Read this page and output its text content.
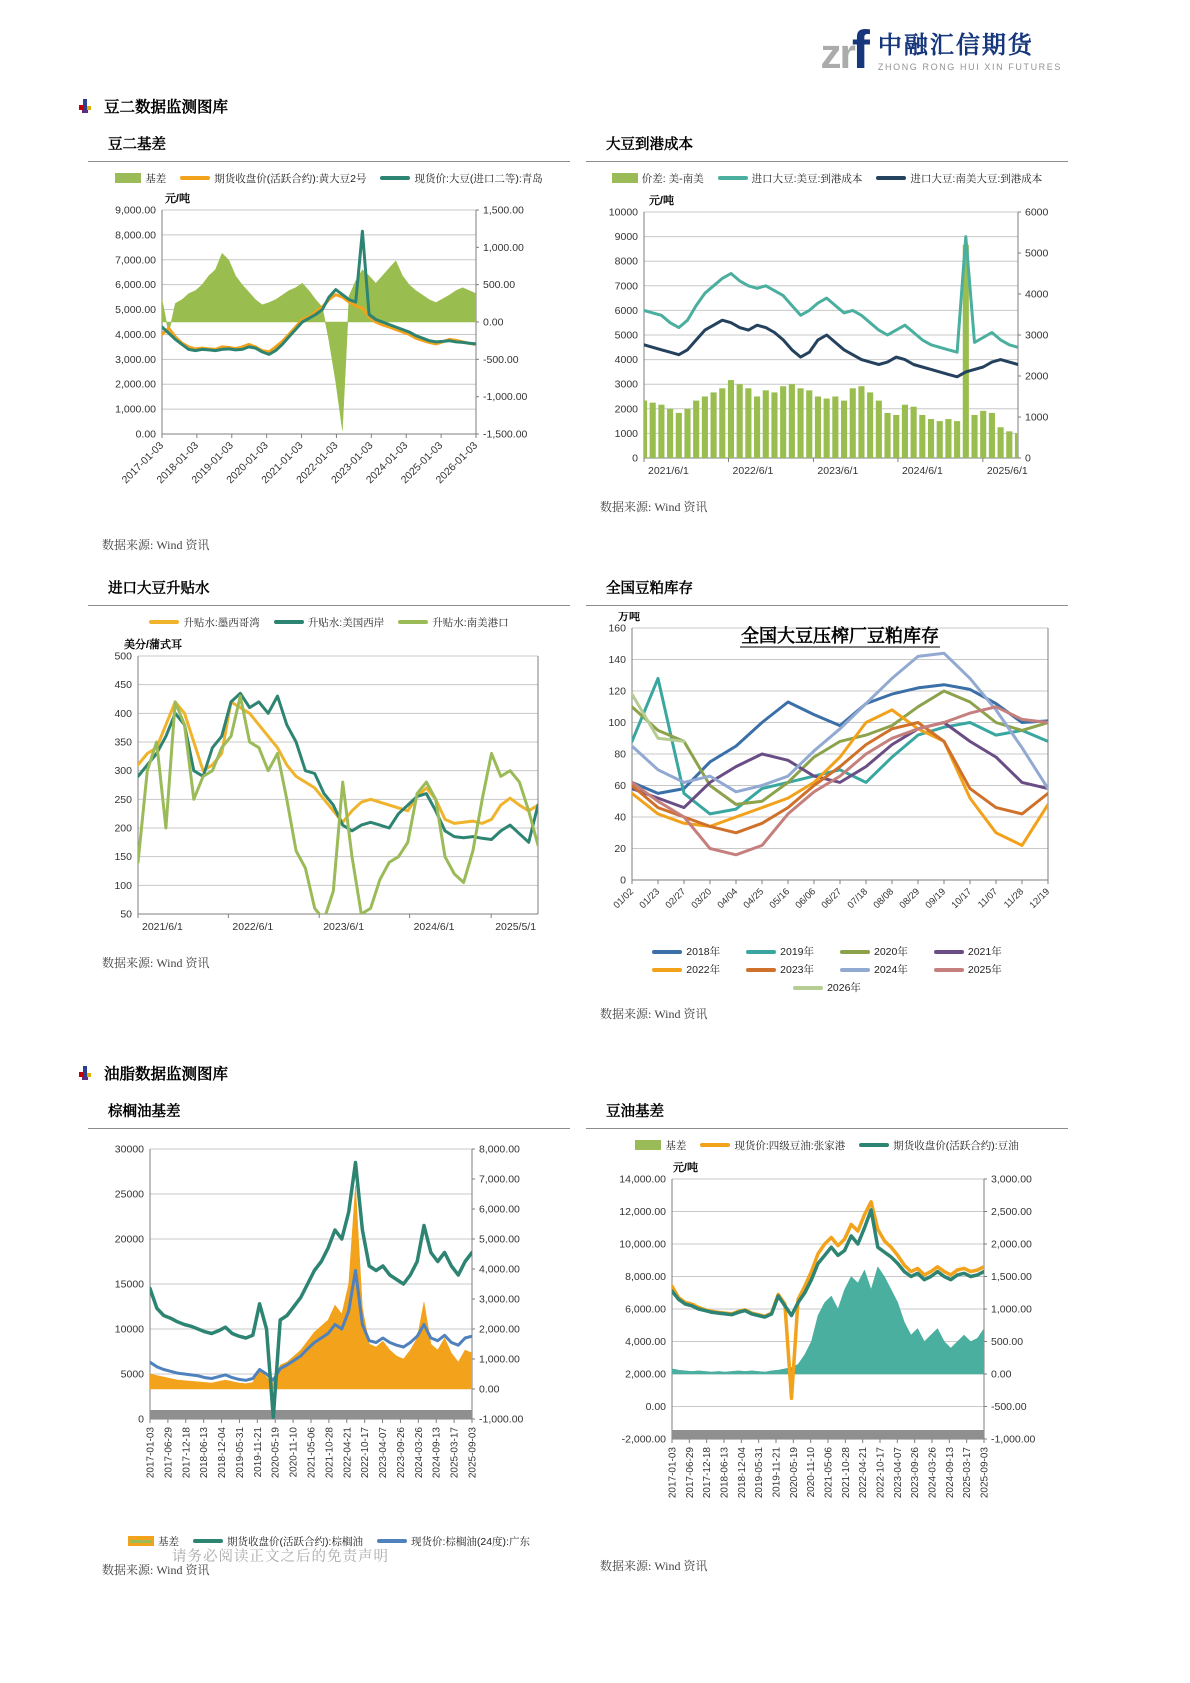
zrf 中融汇信期货
ZHONG RONG HUI XIN FUTURES
豆二数据监测图库
豆二基差
基差	期货收盘价(活跃合约):黄大豆2号	现货价:大豆(进口二等):青岛
9,000.00
8,000.00
7,000.00
6,000.00
5,000.00
4,000.00
3,000.00
2,000.00
1,000.00
0.00
1,500.00
1,000.00
500.00
0.00
-500.00
-1,000.00
-1,500.00
元/吨
2017-01-03
2018-01-03
2019-01-03
2020-01-03
2021-01-03
2022-01-03
2023-01-03
2024-01-03
2025-01-03
2026-01-03
数据来源: Wind 资讯
大豆到港成本
价差: 美-南美	进口大豆:美豆:到港成本	进口大豆:南美大豆:到港成本
10000
9000
8000
7000
6000
5000
4000
3000
2000
1000
0
6000
5000
4000
3000
2000
1000
0
元/吨
2021/6/1	2022/6/1	2023/6/1	2024/6/1	2025/6/1
数据来源: Wind 资讯
进口大豆升贴水
升贴水:墨西哥湾	升贴水:美国西岸	升贴水:南美港口
500
450
400
350
300
250
200
150
100
50
美分/蒲式耳
2021/6/1	2022/6/1	2023/6/1	2024/6/1	2025/5/1
数据来源: Wind 资讯
全国豆粕库存
160
140
120
100
80
60
40
20
0
万吨
全国大豆压榨厂豆粕库存
01/02 01/23 02/27 03/20 04/04 04/25 05/16 06/06 06/27 07/18 08/08 08/29 09/19 10/17 11/07 11/28 12/19
2018年	2019年	2020年	2021年
2022年	2023年	2024年	2025年
2026年
数据来源: Wind 资讯
油脂数据监测图库
棕榈油基差
30000
25000
20000
15000
10000
5000
0
8,000.00
7,000.00
6,000.00
5,000.00
4,000.00
3,000.00
2,000.00
1,000.00
0.00
-1,000.00
2017-01-03 2017-06-29 2017-12-18 2018-06-13 2018-12-04 2019-05-31 2019-11-21 2020-05-19 2020-11-10 2021-05-06 2021-10-28 2022-04-21 2022-10-17 2023-04-07 2023-09-26 2024-03-26 2024-09-13 2025-03-17 2025-09-03
基差	期货收盘价(活跃合约):棕榈油	现货价:棕榈油(24度):广东
数据来源: Wind 资讯
豆油基差
基差	现货价:四级豆油:张家港	期货收盘价(活跃合约):豆油
14,000.00
12,000.00
10,000.00
8,000.00
6,000.00
4,000.00
2,000.00
0.00
-2,000.00
3,000.00
2,500.00
2,000.00
1,500.00
1,000.00
500.00
0.00
-500.00
-1,000.00
元/吨
2017-01-03 2017-06-29 2017-12-18 2018-06-13 2018-12-04 2019-05-31 2019-11-21 2020-05-19 2020-11-10 2021-05-06 2021-10-28 2022-04-21 2022-10-17 2023-04-07 2023-09-26 2024-03-26 2024-09-13 2025-03-17 2025-09-03
数据来源: Wind 资讯
请务必阅读正文之后的免责声明
